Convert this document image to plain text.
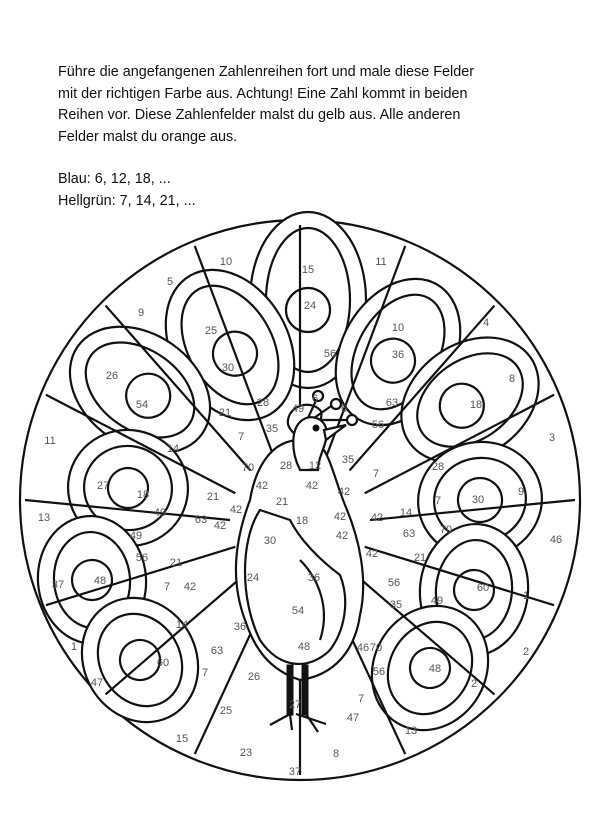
Führe die angefangenen Zahlenreihen fort und male diese Felder

mit der richtigen Farbe aus. Achtung! Eine Zahl kommt in beiden

Reihen vor. Diese Zahlenfelder malst du gelb aus. Alle anderen

Felder malst du orange aus.

Blau: 6, 12, 18, ...

Hellgrün: 7, 14, 21, ...

10
15
11
5
24
4
9
25	10
56
26
30
36
8
54	6
28	63	18
21	49	6
11	3
7
35	56
14
28 12
27
70
18
35
7
28
49
21	9
42	42
13	63
42
30
7
42
21
18 42	14
49
42
70
46
42
30	42
42
63
56 21	21
24	36	56
37	48
60
7 42
49	1
14
54	35
36
1	2
63	48	46 70
60	48
47
7	26	56
7
2
27
25
47
15
23	8
13
37
